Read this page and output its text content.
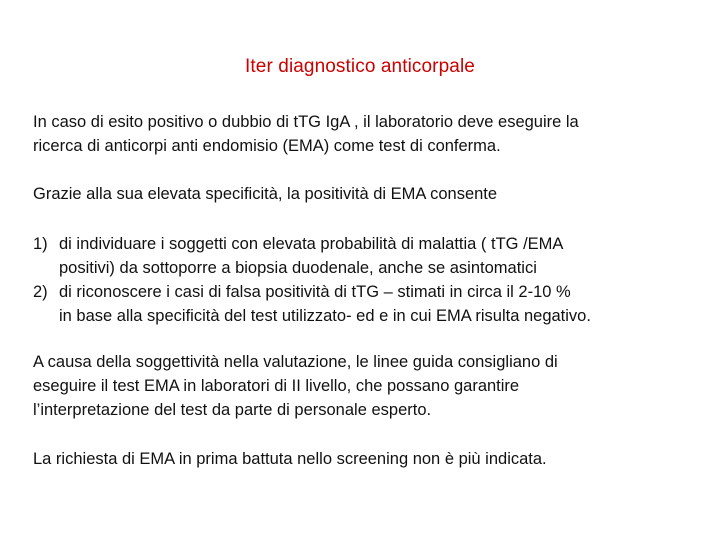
Iter diagnostico anticorpale
In caso di esito positivo o dubbio di tTG IgA , il laboratorio deve eseguire la
ricerca di anticorpi anti endomisio (EMA) come test di conferma.
Grazie alla sua elevata specificità, la positività di EMA consente
1) di individuare i soggetti con elevata probabilità di malattia ( tTG /EMA
positivi) da sottoporre a biopsia duodenale, anche se asintomatici
2) di riconoscere i casi di falsa positività di tTG – stimati in circa il 2-10 %
in base alla specificità del test utilizzato- ed e in cui EMA risulta negativo.
A causa della soggettività nella valutazione, le linee guida consigliano di
eseguire il test EMA in laboratori di II livello, che possano garantire
l’interpretazione del test da parte di personale esperto.
La richiesta di EMA in prima battuta nello screening non è più indicata.
